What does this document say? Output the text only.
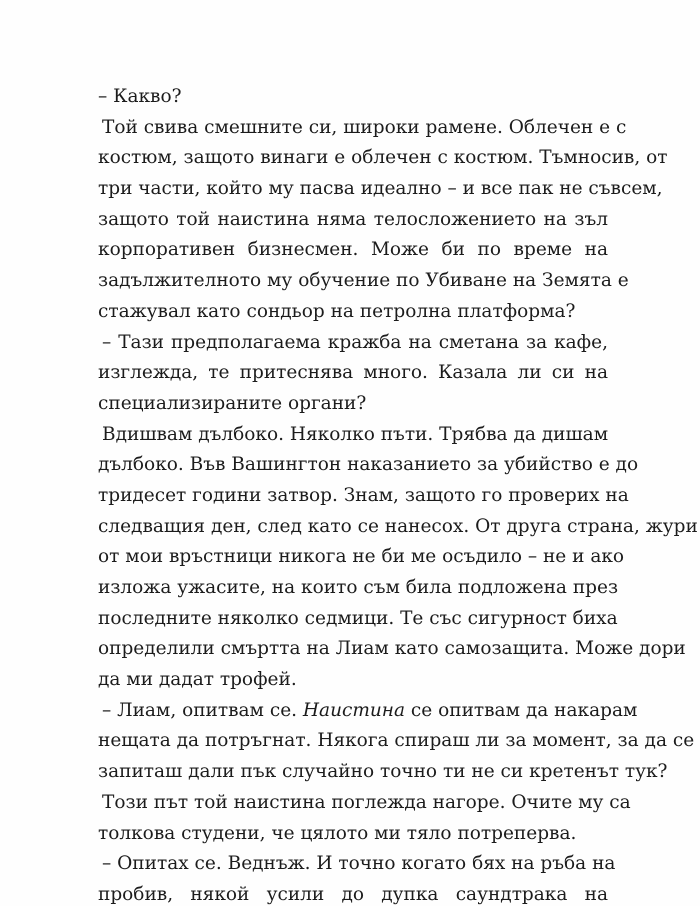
– Какво?
Той свива смешните си, широки рамене. Облечен е с
костюм, защото винаги е облечен с костюм. Тъмносив, от
три части, който му пасва идеално – и все пак не съвсем,
защото той наистина няма телосложението на зъл
корпоративен бизнесмен. Може би по време на
задължителното му обучение по Убиване на Земята е
стажувал като сондьор на петролна платформа?
– Тази предполагаема кражба на сметана за кафе,
изглежда, те притеснява много. Казала ли си на
специализираните органи?
Вдишвам дълбоко. Няколко пъти. Трябва да дишам
дълбоко. Във Вашингтон наказанието за убийство е до
тридесет години затвор. Знам, защото го проверих на
следващия ден, след като се нанесох. От друга страна, жури
от мои връстници никога не би ме осъдило – не и ако
изложа ужасите, на които съм била подложена през
последните няколко седмици. Те със сигурност биха
определили смъртта на Лиам като самозащита. Може дори
да ми дадат трофей.
– Лиам, опитвам се. Наистина се опитвам да накарам
нещата да потръгнат. Някога спираш ли за момент, за да се
запиташ дали пък случайно точно ти не си кретенът тук?
Този път той наистина поглежда нагоре. Очите му са
толкова студени, че цялото ми тяло потреперва.
– Опитах се. Веднъж. И точно когато бях на ръба на
пробив, някой усили до дупка саундтрака на
